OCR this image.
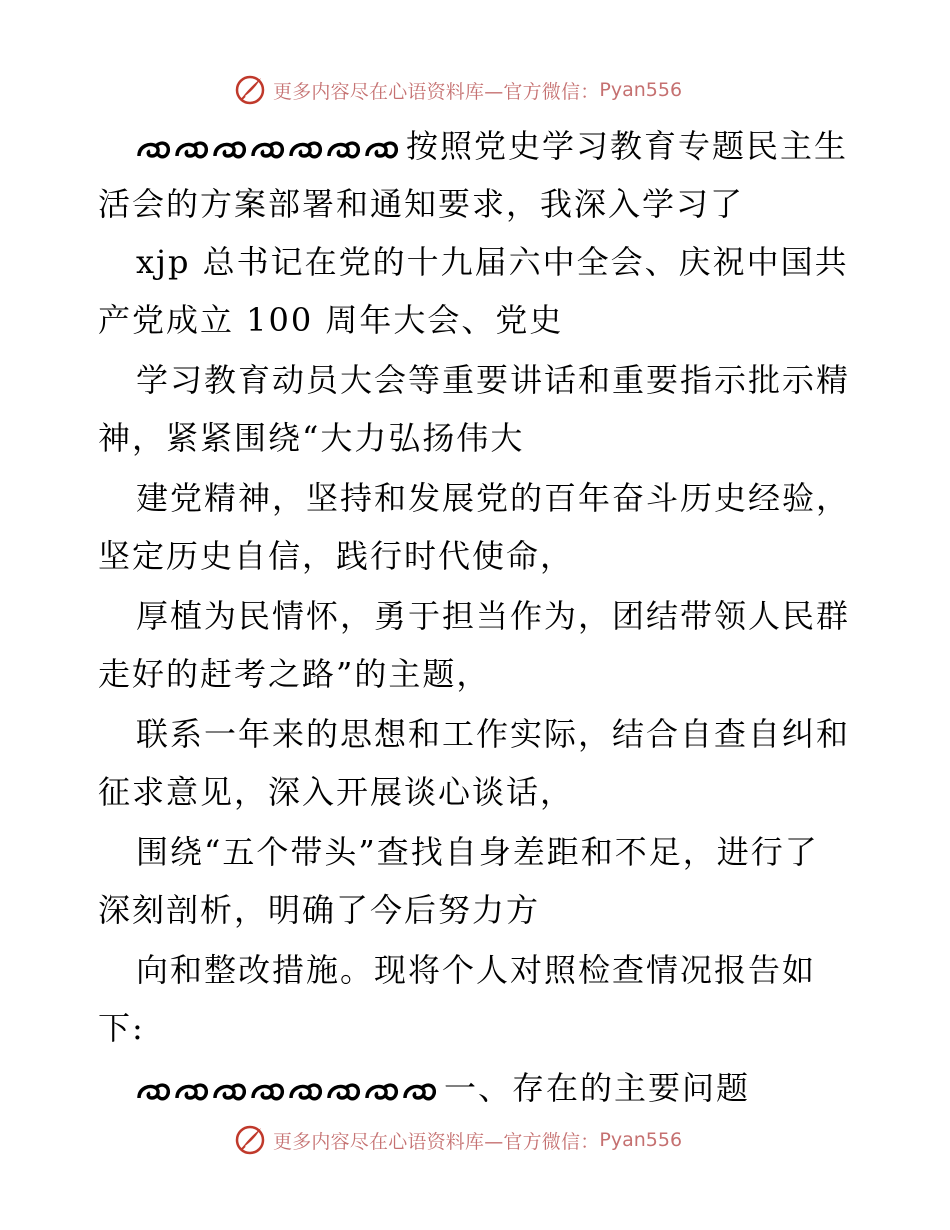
更多内容尽在心语资料库—官方微信： Pyan556
按照党史学习教育专题民主生
活会的方案部署和通知要求，我深入学习了
xjp 总书记在党的十九届六中全会、庆祝中国共
产党成立 100 周年大会、党史
学习教育动员大会等重要讲话和重要指示批示精
神，紧紧围绕“大力弘扬伟大
建党精神，坚持和发展党的百年奋斗历史经验，
坚定历史自信，践行时代使命，
厚植为民情怀，勇于担当作为，团结带领人民群
走好的赶考之路”的主题，
联系一年来的思想和工作实际，结合自查自纠和
征求意见，深入开展谈心谈话，
围绕“五个带头”查找自身差距和不足，进行了
深刻剖析，明确了今后努力方
向和整改措施。现将个人对照检查情况报告如
下:
一、存在的主要问题
更多内容尽在心语资料库—官方微信： Pyan556
